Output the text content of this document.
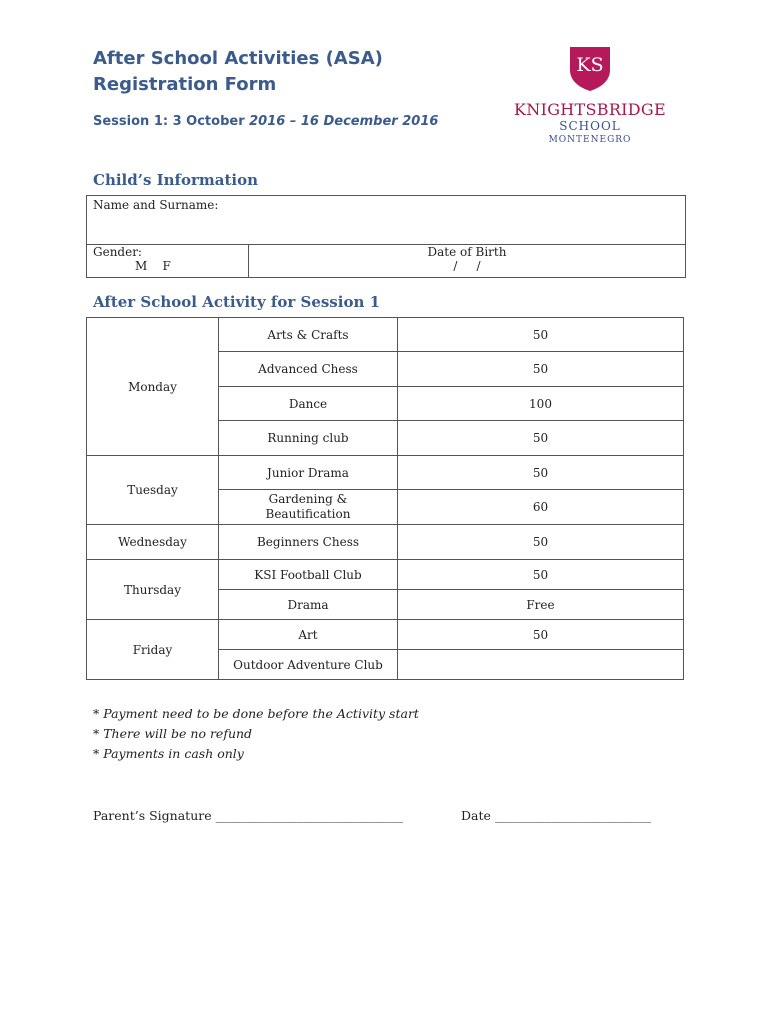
After School Activities (ASA)
Registration Form
Session 1: 3 October 2016 – 16 December 2016
KS
KNIGHTSBRIDGE
SCHOOL
MONTENEGRO
Child’s Information
Name and Surname:

Gender:
M    F

Date of Birth
/     /
After School Activity for Session 1
Monday	Arts & Crafts	50
	Advanced Chess	50
	Dance	100
	Running club	50
Tuesday	Junior Drama	50

	Gardening &
Beautification	60
Wednesday	Beginners Chess	50
Thursday	KSI Football Club	50
	Drama	Free
Friday	Art	50
	Outdoor Adventure Club	
* Payment need to be done before the Activity start
* There will be no refund
* Payments in cash only
Parent’s Signature ______________________________	Date _________________________
